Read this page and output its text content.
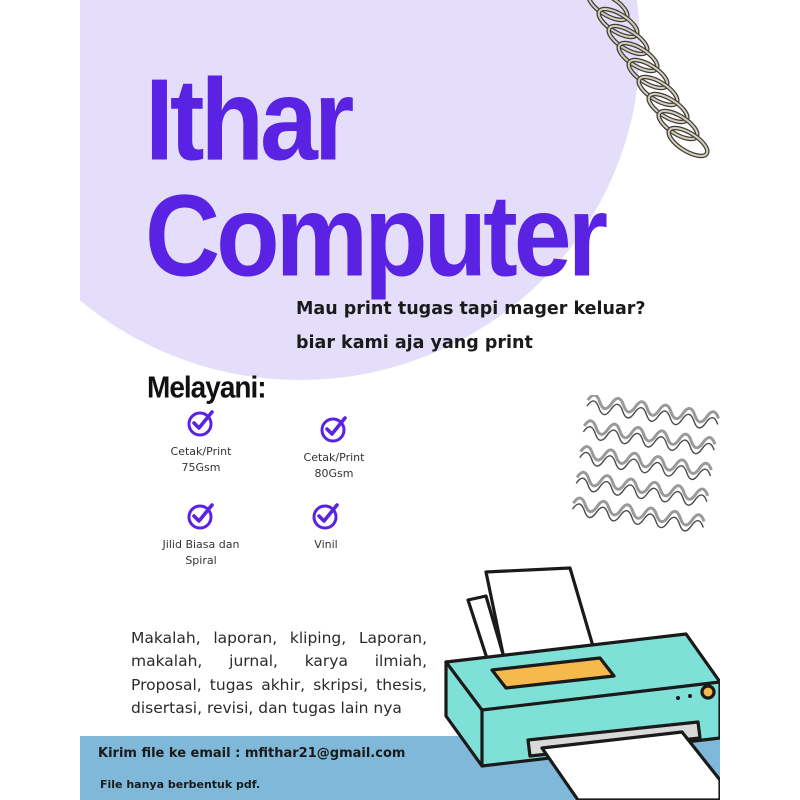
Ithar
Computer
Mau print tugas tapi mager keluar?
biar kami aja yang print
Melayani:
Cetak/Print
75Gsm
Cetak/Print
80Gsm
Jilid Biasa dan
Spiral
Vinil

Makalah, laporan, kliping, Laporan, makalah, jurnal, karya ilmiah, Proposal, tugas akhir, skripsi, thesis, disertasi, revisi, dan tugas lain nya

Kirim file ke email : mfithar21@gmail.com
File hanya berbentuk pdf.
